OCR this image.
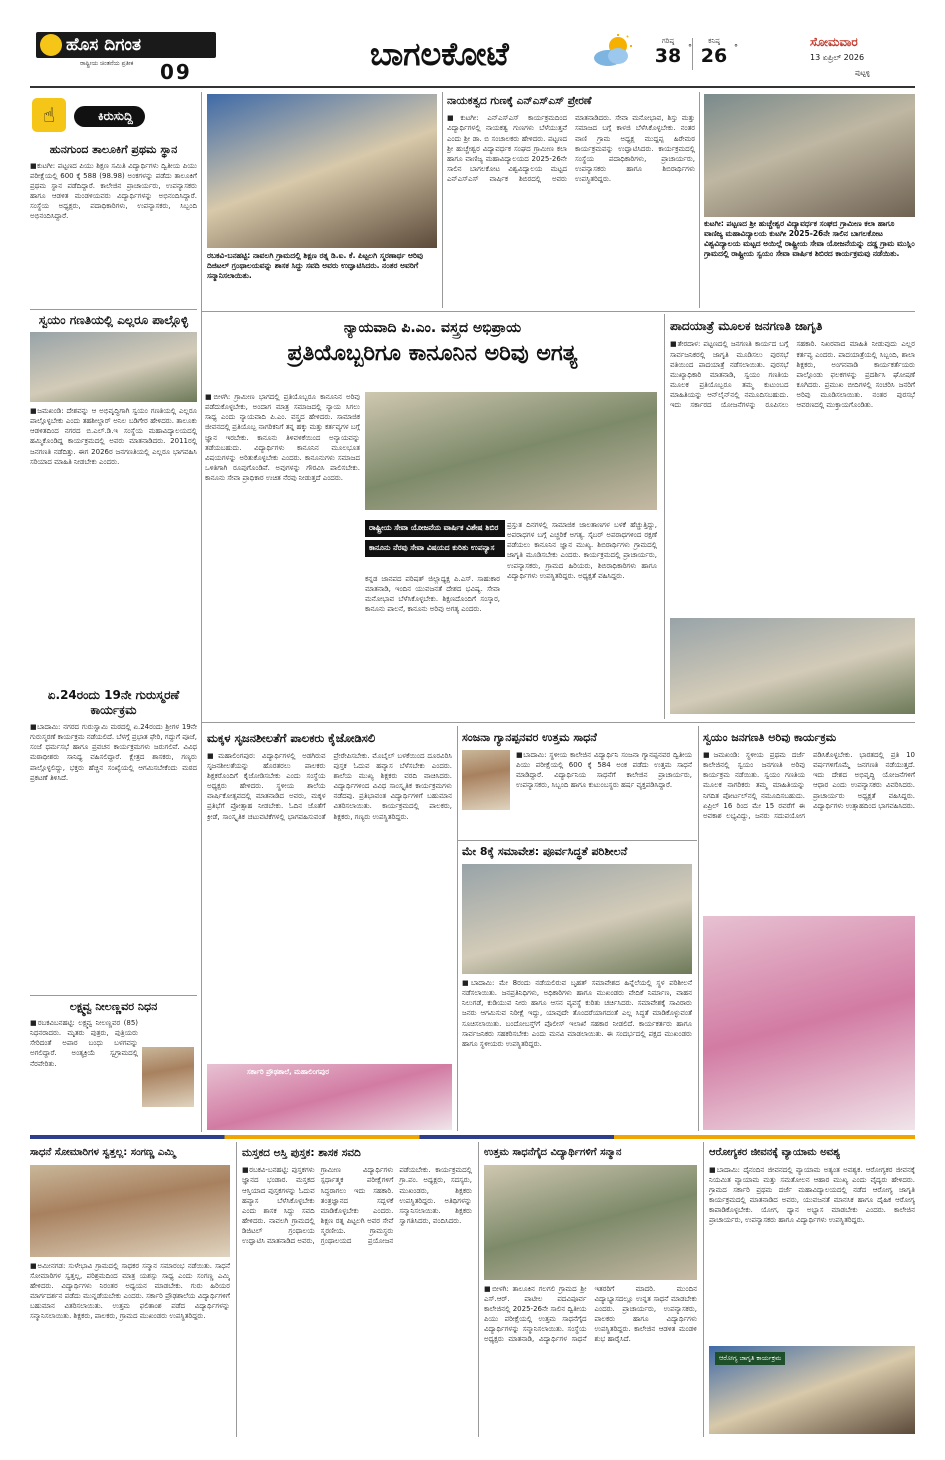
ಹೊಸ ದಿಗಂತ
ರಾಷ್ಟ್ರೀಯ ಚಿಂತನೆಯ ಪ್ರತೀಕ 09	ಬಾಗಲಕೋಟೆ	ಗರಿಷ್ಠ
38 °
ಕನಿಷ್ಠ
26 °	ಸೋಮವಾರ
13 ಏಪ್ರಿಲ್ 2026
ಪುಟ್ಟಳ್ಳಿ
☝	ಕಿರುಸುದ್ದಿ
ಹುನಗುಂದ ತಾಲೂಕಿಗೆ ಪ್ರಥಮ ಸ್ಥಾನ

■ಕುಟಗೀ: ಪಟ್ಟಣದ ಪಿಯು ಶಿಕ್ಷಣ ಸಮಿತಿ ವಿದ್ಯಾರ್ಥಿಗಳು ದ್ವಿತೀಯ ಪಿಯು ಪರೀಕ್ಷೆಯಲ್ಲಿ 600 ಕ್ಕೆ 588 (98.98) ಅಂಕಗಳನ್ನು ಪಡೆದು ತಾಲೂಕಿಗೆ ಪ್ರಥಮ ಸ್ಥಾನ ಪಡೆದಿದ್ದಾರೆ. ಕಾಲೇಜಿನ ಪ್ರಾಚಾರ್ಯರು, ಉಪನ್ಯಾಸಕರು ಹಾಗೂ ಆಡಳಿತ ಮಂಡಳಿಯವರು ವಿದ್ಯಾರ್ಥಿಗಳನ್ನು ಅಭಿನಂದಿಸಿದ್ದಾರೆ. ಸಂಸ್ಥೆಯ ಅಧ್ಯಕ್ಷರು, ಪದಾಧಿಕಾರಿಗಳು, ಉಪನ್ಯಾಸಕರು, ಸಿಬ್ಬಂದಿ ಅಭಿನಂದಿಸಿದ್ದಾರೆ.

ಸ್ವಯಂ ಗಣತಿಯಲ್ಲಿ ಎಲ್ಲರೂ ಪಾಲ್ಗೊಳ್ಳಿ

■ಜಮಖಂಡಿ: ದೇಶವನ್ನು ಆ ಅಭಿವೃದ್ಧಿಗಾಗಿ ಸ್ವಯಂ ಗಣತಿಯಲ್ಲಿ ಎಲ್ಲರೂ ಪಾಲ್ಗೊಳ್ಳಬೇಕು ಎಂದು ತಹಶೀಲ್ದಾರ್ ಅನಿಲ ಬಡಿಗೇರ ಹೇಳಿದರು. ತಾಲೂಕು ಆಡಳಿತದಿಂದ ನಗರದ ಬಿ.ಎಲ್.ಡಿ.ಇ ಸಂಸ್ಥೆಯ ಮಹಾವಿದ್ಯಾಲಯದಲ್ಲಿ ಹಮ್ಮಿಕೊಂಡಿದ್ದ ಕಾರ್ಯಕ್ರಮದಲ್ಲಿ ಅವರು ಮಾತನಾಡಿದರು. 2011ರಲ್ಲಿ ಜನಗಣತಿ ನಡೆದಿತ್ತು. ಈಗ 2026ರ ಜನಗಣತಿಯಲ್ಲಿ ಎಲ್ಲರೂ ಭಾಗವಹಿಸಿ ಸರಿಯಾದ ಮಾಹಿತಿ ನೀಡಬೇಕು ಎಂದರು.

ಏ.24ರಂದು 19ನೇ ಗುರುಸ್ಮರಣೆ ಕಾರ್ಯಕ್ರಮ

■ಬಾದಾಮಿ: ನಗರದ ಗುರುಸ್ವಾಮಿ ಮಠದಲ್ಲಿ ಏ.24ರಂದು ಶ್ರೀಗಳ 19ನೇ ಗುರುಸ್ಮರಣೆ ಕಾರ್ಯಕ್ರಮ ನಡೆಯಲಿದೆ. ಬೆಳಗ್ಗೆ ಪ್ರಭಾತ ಫೇರಿ, ಗದ್ದುಗೆ ಪೂಜೆ, ಸಂಜೆ ಧರ್ಮಸಭೆ ಹಾಗೂ ಪ್ರವಚನ ಕಾರ್ಯಕ್ರಮಗಳು ಜರುಗಲಿವೆ. ವಿವಿಧ ಮಠಾಧೀಶರು ಸಾನಿಧ್ಯ ವಹಿಸಲಿದ್ದಾರೆ. ಕ್ಷೇತ್ರದ ಶಾಸಕರು, ಗಣ್ಯರು ಪಾಲ್ಗೊಳ್ಳಲಿದ್ದು, ಭಕ್ತರು ಹೆಚ್ಚಿನ ಸಂಖ್ಯೆಯಲ್ಲಿ ಆಗಮಿಸಬೇಕೆಂದು ಮಠದ ಪ್ರಕಟಣೆ ತಿಳಿಸಿದೆ.

ಲಕ್ಷ್ಮವ್ವ ನೀಲಣ್ಣವರ ನಿಧನ

■ರಬಕವಿಬನಹಟ್ಟಿ: ಲಕ್ಷ್ಮವ್ವ ನೀಲಣ್ಣವರ (85) ನಿಧನರಾದರು. ಮೃತರು ಪುತ್ರರು, ಪುತ್ರಿಯರು ಸೇರಿದಂತೆ ಅಪಾರ ಬಂಧು ಬಳಗವನ್ನು ಅಗಲಿದ್ದಾರೆ. ಅಂತ್ಯಕ್ರಿಯೆ ಸ್ವಗ್ರಾಮದಲ್ಲಿ ನೆರವೇರಿತು.

ರಬಕವಿ-ಬನಹಟ್ಟಿ: ನಾವಲಗಿ ಗ್ರಾಮದಲ್ಲಿ ಶಿಕ್ಷಣ ರತ್ನ ಡಿ.ಐ. ಕೆ. ಪಿಟ್ಟಲಗಿ ಸ್ಮರಣಾರ್ಥ ಆರಿವು ದಿಜಿಟಲ್ ಗ್ರಂಥಾಲಯವನ್ನು ಶಾಸಕ ಸಿದ್ದು ಸವದಿ ಅವರು ಉದ್ಘಾಟಿಸಿದರು. ನಂತರ ಅವರಿಗೆ ಸನ್ಮಾನಿಸಲಾಯಿತು.
ನಾಯಕತ್ವದ ಗುಣಕ್ಕೆ ಎನ್‌ಎಸ್‌ಎಸ್ ಪ್ರೇರಣೆ

■ಕುಟಗೀ: ಎನ್‌ಎಸ್‌ಎಸ್ ಕಾರ್ಯಕ್ರಮದಿಂದ ವಿದ್ಯಾರ್ಥಿಗಳಲ್ಲಿ ನಾಯಕತ್ವ ಗುಣಗಳು ಬೆಳೆಯುತ್ತವೆ ಎಂದು ಶ್ರೀ ಡಾ. ಬಿ ಸಂಚಾಲಕರು ಹೇಳಿದರು. ಪಟ್ಟಣದ ಶ್ರೀ ಹುಚ್ಚೇಶ್ವರ ವಿದ್ಯಾವರ್ಧಕ ಸಂಘದ ಗ್ರಾಮೀಣ ಕಲಾ ಹಾಗೂ ವಾಣಿಜ್ಯ ಮಹಾವಿದ್ಯಾಲಯದ 2025-26ನೇ ಸಾಲಿನ ಬಾಗಲಕೋಟ ವಿಶ್ವವಿದ್ಯಾಲಯ ಮಟ್ಟದ ಎನ್‌ಎಸ್‌ಎಸ್ ವಾರ್ಷಿಕ ಶಿಬಿರದಲ್ಲಿ ಅವರು ಮಾತನಾಡಿದರು. ಸೇವಾ ಮನೋಭಾವ, ಶಿಸ್ತು ಮತ್ತು ಸಮಾಜದ ಬಗ್ಗೆ ಕಾಳಜಿ ಬೆಳೆಸಿಕೊಳ್ಳಬೇಕು. ನಂತರ ವಾಣಿ ಗ್ರಾಮ ಅಧ್ಯಕ್ಷ ಮುದ್ದಪ್ಪ ಹಿರೇಮಠ ಕಾರ್ಯಕ್ರಮವನ್ನು ಉದ್ಘಾಟಿಸಿದರು. ಕಾರ್ಯಕ್ರಮದಲ್ಲಿ ಸಂಸ್ಥೆಯ ಪದಾಧಿಕಾರಿಗಳು, ಪ್ರಾಚಾರ್ಯರು, ಉಪನ್ಯಾಸಕರು ಹಾಗೂ ಶಿಬಿರಾರ್ಥಿಗಳು ಉಪಸ್ಥಿತರಿದ್ದರು.

ಕುಟಗೀ: ಪಟ್ಟಣದ ಶ್ರೀ ಹುಚ್ಚೇಶ್ವರ ವಿದ್ಯಾವರ್ಧಕ ಸಂಘದ ಗ್ರಾಮೀಣ ಕಲಾ ಹಾಗೂ ವಾಣಿಜ್ಯ ಮಹಾವಿದ್ಯಾಲಯ ಕುಟಗೀ 2025-26ನೇ ಸಾಲಿನ ಬಾಗಲಕೋಟ ವಿಶ್ವವಿದ್ಯಾಲಯ ಮಟ್ಟದ ಅಯಿಲ್ಲೆ ರಾಷ್ಟ್ರೀಯ ಸೇವಾ ಯೋಜನೆಯನ್ನು ದಡ್ಡ ಗ್ರಾಮ ಮುಸ್ಲಿಂ ಗ್ರಾಮದಲ್ಲಿ ರಾಷ್ಟ್ರೀಯ ಸ್ವಯಂ ಸೇವಾ ವಾರ್ಷಿಕ ಶಿಬಿರದ ಕಾರ್ಯಕ್ರಮವು ನಡೆಯಿತು.
ನ್ಯಾಯವಾದಿ ಪಿ.ಎಂ. ವಸ್ತ್ರದ ಅಭಿಪ್ರಾಯ
ಪ್ರತಿಯೊಬ್ಬರಿಗೂ ಕಾನೂನಿನ ಅರಿವು ಅಗತ್ಯ

■ಬೀಳಗಿ: ಗ್ರಾಮೀಣ ಭಾಗದಲ್ಲಿ ಪ್ರತಿಯೊಬ್ಬರೂ ಕಾನೂನಿನ ಅರಿವು ಪಡೆದುಕೊಳ್ಳಬೇಕು, ಅಂದಾಗ ಮಾತ್ರ ಸಮಾಜದಲ್ಲಿ ನ್ಯಾಯ ಸಿಗಲು ಸಾಧ್ಯ ಎಂದು ನ್ಯಾಯವಾದಿ ಪಿ.ಎಂ. ವಸ್ತ್ರದ ಹೇಳಿದರು. ಸಾಮಾಜಿಕ ಜೀವನದಲ್ಲಿ ಪ್ರತಿಯೊಬ್ಬ ನಾಗರಿಕನಿಗೆ ತನ್ನ ಹಕ್ಕು ಮತ್ತು ಕರ್ತವ್ಯಗಳ ಬಗ್ಗೆ ಜ್ಞಾನ ಇರಬೇಕು. ಕಾನೂನು ತಿಳಿವಳಿಕೆಯಿಂದ ಅನ್ಯಾಯವನ್ನು ತಡೆಯಬಹುದು. ವಿದ್ಯಾರ್ಥಿಗಳು ಕಾನೂನಿನ ಮೂಲಭೂತ ವಿಷಯಗಳನ್ನು ಅರಿತುಕೊಳ್ಳಬೇಕು ಎಂದರು. ಕಾನೂನುಗಳು ಸಮಾಜದ ಒಳಿತಿಗಾಗಿ ರೂಪುಗೊಂಡಿವೆ. ಅವುಗಳನ್ನು ಗೌರವಿಸಿ ಪಾಲಿಸಬೇಕು. ಕಾನೂನು ಸೇವಾ ಪ್ರಾಧಿಕಾರ ಉಚಿತ ನೆರವು ನೀಡುತ್ತದೆ ಎಂದರು.

ರಾಷ್ಟ್ರೀಯ ಸೇವಾ ಯೋಜನೆಯ ವಾರ್ಷಿಕ ವಿಶೇಷ ಶಿಬಿರ
ಕಾನೂನು ನೆರವು ಸೇವಾ ವಿಷಯದ ಕುರಿತು ಉಪನ್ಯಾಸ

ಕನ್ನಡ ಜಾನಪದ ಪರಿಷತ್ ಜಿಲ್ಲಾಧ್ಯಕ್ಷ ಪಿ.ಎಸ್. ಸಾಹುಕಾರ ಮಾತನಾಡಿ, ಇಂದಿನ ಯುವಜನತೆ ದೇಶದ ಭವಿಷ್ಯ. ಸೇವಾ ಮನೋಭಾವ ಬೆಳೆಸಿಕೊಳ್ಳಬೇಕು. ಶಿಕ್ಷಣದೊಂದಿಗೆ ಸಂಸ್ಕಾರ, ಕಾನೂನು ಪಾಲನೆ, ಕಾನೂನು ಅರಿವು ಅಗತ್ಯ ಎಂದರು.

ಪ್ರಸ್ತುತ ದಿನಗಳಲ್ಲಿ ಸಾಮಾಜಿಕ ಜಾಲತಾಣಗಳ ಬಳಕೆ ಹೆಚ್ಚುತ್ತಿದ್ದು, ಅಪರಾಧಗಳ ಬಗ್ಗೆ ಎಚ್ಚರಿಕೆ ಅಗತ್ಯ. ಸೈಬರ್ ಅಪರಾಧಗಳಿಂದ ರಕ್ಷಣೆ ಪಡೆಯಲು ಕಾನೂನಿನ ಜ್ಞಾನ ಮುಖ್ಯ. ಶಿಬಿರಾರ್ಥಿಗಳು ಗ್ರಾಮದಲ್ಲಿ ಜಾಗೃತಿ ಮೂಡಿಸಬೇಕು ಎಂದರು. ಕಾರ್ಯಕ್ರಮದಲ್ಲಿ ಪ್ರಾಚಾರ್ಯರು, ಉಪನ್ಯಾಸಕರು, ಗ್ರಾಮದ ಹಿರಿಯರು, ಶಿಬಿರಾಧಿಕಾರಿಗಳು ಹಾಗೂ ವಿದ್ಯಾರ್ಥಿಗಳು ಉಪಸ್ಥಿತರಿದ್ದರು. ಅಧ್ಯಕ್ಷತೆ ವಹಿಸಿದ್ದರು.

ಪಾದಯಾತ್ರೆ ಮೂಲಕ ಜನಗಣತಿ ಜಾಗೃತಿ

■ತೇರದಾಳ: ಪಟ್ಟಣದಲ್ಲಿ ಜನಗಣತಿ ಕಾರ್ಯದ ಬಗ್ಗೆ ಸಾರ್ವಜನಿಕರಲ್ಲಿ ಜಾಗೃತಿ ಮೂಡಿಸಲು ಪುರಸಭೆ ವತಿಯಿಂದ ಪಾದಯಾತ್ರೆ ನಡೆಸಲಾಯಿತು. ಪುರಸಭೆ ಮುಖ್ಯಾಧಿಕಾರಿ ಮಾತನಾಡಿ, ಸ್ವಯಂ ಗಣತಿಯ ಮೂಲಕ ಪ್ರತಿಯೊಬ್ಬರೂ ತಮ್ಮ ಕುಟುಂಬದ ಮಾಹಿತಿಯನ್ನು ಆನ್‌ಲೈನ್‌ನಲ್ಲಿ ನಮೂದಿಸಬಹುದು. ಇದು ಸರ್ಕಾರದ ಯೋಜನೆಗಳನ್ನು ರೂಪಿಸಲು ಸಹಕಾರಿ. ನಿಖರವಾದ ಮಾಹಿತಿ ನೀಡುವುದು ಎಲ್ಲರ ಕರ್ತವ್ಯ ಎಂದರು. ಪಾದಯಾತ್ರೆಯಲ್ಲಿ ಸಿಬ್ಬಂದಿ, ಶಾಲಾ ಶಿಕ್ಷಕರು, ಅಂಗನವಾಡಿ ಕಾರ್ಯಕರ್ತೆಯರು ಪಾಲ್ಗೊಂಡು ಫಲಕಗಳನ್ನು ಪ್ರದರ್ಶಿಸಿ ಘೋಷಣೆ ಕೂಗಿದರು. ಪ್ರಮುಖ ಬೀದಿಗಳಲ್ಲಿ ಸಂಚರಿಸಿ ಜನರಿಗೆ ಅರಿವು ಮೂಡಿಸಲಾಯಿತು. ನಂತರ ಪುರಸಭೆ ಆವರಣದಲ್ಲಿ ಮುಕ್ತಾಯಗೊಂಡಿತು.

ಮಕ್ಕಳ ಸೃಜನಶೀಲತೆಗೆ ಪಾಲಕರು ಕೈಜೋಡಿಸಲಿ

■ಮಹಾಲಿಂಗಪುರ: ವಿದ್ಯಾರ್ಥಿಗಳಲ್ಲಿ ಅಡಗಿರುವ ಸೃಜನಶೀಲತೆಯನ್ನು ಹೊರತರಲು ಪಾಲಕರು ಶಿಕ್ಷಕರೊಂದಿಗೆ ಕೈಜೋಡಿಸಬೇಕು ಎಂದು ಸಂಸ್ಥೆಯ ಅಧ್ಯಕ್ಷರು ಹೇಳಿದರು. ಸ್ಥಳೀಯ ಶಾಲೆಯ ವಾರ್ಷಿಕೋತ್ಸವದಲ್ಲಿ ಮಾತನಾಡಿದ ಅವರು, ಮಕ್ಕಳ ಪ್ರತಿಭೆಗೆ ಪ್ರೋತ್ಸಾಹ ನೀಡಬೇಕು. ಓದಿನ ಜೊತೆಗೆ ಕ್ರೀಡೆ, ಸಾಂಸ್ಕೃತಿಕ ಚಟುವಟಿಕೆಗಳಲ್ಲಿ ಭಾಗವಹಿಸುವಂತೆ ಪ್ರೇರೇಪಿಸಬೇಕು. ಮೊಬೈಲ್ ಬಳಕೆಯಿಂದ ದೂರವಿರಿಸಿ ಪುಸ್ತಕ ಓದುವ ಹವ್ಯಾಸ ಬೆಳೆಸಬೇಕು ಎಂದರು. ಶಾಲೆಯ ಮುಖ್ಯ ಶಿಕ್ಷಕರು ವರದಿ ವಾಚಿಸಿದರು. ವಿದ್ಯಾರ್ಥಿಗಳಿಂದ ವಿವಿಧ ಸಾಂಸ್ಕೃತಿಕ ಕಾರ್ಯಕ್ರಮಗಳು ನಡೆದವು. ಪ್ರತಿಭಾವಂತ ವಿದ್ಯಾರ್ಥಿಗಳಿಗೆ ಬಹುಮಾನ ವಿತರಿಸಲಾಯಿತು. ಕಾರ್ಯಕ್ರಮದಲ್ಲಿ ಪಾಲಕರು, ಶಿಕ್ಷಕರು, ಗಣ್ಯರು ಉಪಸ್ಥಿತರಿದ್ದರು.

ಸರ್ಕಾರಿ ಪ್ರೌಢಶಾಲೆ, ಮಹಾಲಿಂಗಪುರ
ಸಂಜನಾ ಗ್ಯಾನಪ್ಪನವರ ಉತ್ತಮ ಸಾಧನೆ

■ಬಾದಾಮಿ: ಸ್ಥಳೀಯ ಕಾಲೇಜಿನ ವಿದ್ಯಾರ್ಥಿನಿ ಸಂಜನಾ ಗ್ಯಾನಪ್ಪನವರ ದ್ವಿತೀಯ ಪಿಯು ಪರೀಕ್ಷೆಯಲ್ಲಿ 600 ಕ್ಕೆ 584 ಅಂಕ ಪಡೆದು ಉತ್ತಮ ಸಾಧನೆ ಮಾಡಿದ್ದಾರೆ. ವಿದ್ಯಾರ್ಥಿನಿಯ ಸಾಧನೆಗೆ ಕಾಲೇಜಿನ ಪ್ರಾಚಾರ್ಯರು, ಉಪನ್ಯಾಸಕರು, ಸಿಬ್ಬಂದಿ ಹಾಗೂ ಕುಟುಂಬಸ್ಥರು ಹರ್ಷ ವ್ಯಕ್ತಪಡಿಸಿದ್ದಾರೆ.

ಮೇ 8ಕ್ಕೆ ಸಮಾವೇಶ: ಪೂರ್ವಸಿದ್ಧತೆ ಪರಿಶೀಲನೆ

■ಬಾದಾಮಿ: ಮೇ 8ರಂದು ನಡೆಯಲಿರುವ ಬೃಹತ್ ಸಮಾವೇಶದ ಹಿನ್ನೆಲೆಯಲ್ಲಿ ಸ್ಥಳ ಪರಿಶೀಲನೆ ನಡೆಸಲಾಯಿತು. ಜನಪ್ರತಿನಿಧಿಗಳು, ಅಧಿಕಾರಿಗಳು ಹಾಗೂ ಮುಖಂಡರು ವೇದಿಕೆ ನಿರ್ಮಾಣ, ವಾಹನ ನಿಲುಗಡೆ, ಕುಡಿಯುವ ನೀರು ಹಾಗೂ ಆಸನ ವ್ಯವಸ್ಥೆ ಕುರಿತು ಚರ್ಚಿಸಿದರು. ಸಮಾವೇಶಕ್ಕೆ ಸಾವಿರಾರು ಜನರು ಆಗಮಿಸುವ ನಿರೀಕ್ಷೆ ಇದ್ದು, ಯಾವುದೇ ತೊಂದರೆಯಾಗದಂತೆ ಎಲ್ಲ ಸಿದ್ಧತೆ ಮಾಡಿಕೊಳ್ಳುವಂತೆ ಸೂಚಿಸಲಾಯಿತು. ಬಂದೋಬಸ್ತ್‌ಗೆ ಪೊಲೀಸ್ ಇಲಾಖೆ ಸಹಕಾರ ನೀಡಲಿದೆ. ಕಾರ್ಯಕರ್ತರು ಹಾಗೂ ಸಾರ್ವಜನಿಕರು ಸಹಕರಿಸಬೇಕು ಎಂದು ಮನವಿ ಮಾಡಲಾಯಿತು. ಈ ಸಂದರ್ಭದಲ್ಲಿ ಪಕ್ಷದ ಮುಖಂಡರು ಹಾಗೂ ಸ್ಥಳೀಯರು ಉಪಸ್ಥಿತರಿದ್ದರು.

ಸ್ವಯಂ ಜನಗಣತಿ ಅರಿವು ಕಾರ್ಯಕ್ರಮ

■ಜಮಖಂಡಿ: ಸ್ಥಳೀಯ ಪ್ರಥಮ ದರ್ಜೆ ಕಾಲೇಜಿನಲ್ಲಿ ಸ್ವಯಂ ಜನಗಣತಿ ಅರಿವು ಕಾರ್ಯಕ್ರಮ ನಡೆಯಿತು. ಸ್ವಯಂ ಗಣತಿಯ ಮೂಲಕ ನಾಗರಿಕರು ತಮ್ಮ ಮಾಹಿತಿಯನ್ನು ನಿಗದಿತ ಪೋರ್ಟಲ್‌ನಲ್ಲಿ ನಮೂದಿಸಬಹುದು. ಏಪ್ರಿಲ್ 16 ರಿಂದ ಮೇ 15 ರವರೆಗೆ ಈ ಅವಕಾಶ ಲಭ್ಯವಿದ್ದು, ಜನರು ಸದುಪಯೋಗ ಪಡಿಸಿಕೊಳ್ಳಬೇಕು. ಭಾರತದಲ್ಲಿ ಪ್ರತಿ 10 ವರ್ಷಗಳಿಗೊಮ್ಮೆ ಜನಗಣತಿ ನಡೆಯುತ್ತದೆ. ಇದು ದೇಶದ ಅಭಿವೃದ್ಧಿ ಯೋಜನೆಗಳಿಗೆ ಆಧಾರ ಎಂದು ಉಪನ್ಯಾಸಕರು ವಿವರಿಸಿದರು. ಪ್ರಾಚಾರ್ಯರು ಅಧ್ಯಕ್ಷತೆ ವಹಿಸಿದ್ದರು. ವಿದ್ಯಾರ್ಥಿಗಳು ಉತ್ಸಾಹದಿಂದ ಭಾಗವಹಿಸಿದರು.

ಸಾಧನೆ ಸೋಮಾರಿಗಳ ಸ್ವತ್ತಲ್ಲ: ಸಂಗಣ್ಣ ಎಮ್ಮಿ

■ಅಮೀನಗಡ: ಸುಳೇಭಾವಿ ಗ್ರಾಮದಲ್ಲಿ ಸಾಧಕರ ಸನ್ಮಾನ ಸಮಾರಂಭ ನಡೆಯಿತು. ಸಾಧನೆ ಸೋಮಾರಿಗಳ ಸ್ವತ್ತಲ್ಲ, ಪರಿಶ್ರಮದಿಂದ ಮಾತ್ರ ಯಶಸ್ಸು ಸಾಧ್ಯ ಎಂದು ಸಂಗಣ್ಣ ಎಮ್ಮಿ ಹೇಳಿದರು. ವಿದ್ಯಾರ್ಥಿಗಳು ನಿರಂತರ ಅಧ್ಯಯನ ಮಾಡಬೇಕು. ಗುರು ಹಿರಿಯರ ಮಾರ್ಗದರ್ಶನ ಪಡೆದು ಮುನ್ನಡೆಯಬೇಕು ಎಂದರು. ಸರ್ಕಾರಿ ಪ್ರೌಢಶಾಲೆಯ ವಿದ್ಯಾರ್ಥಿಗಳಿಗೆ ಬಹುಮಾನ ವಿತರಿಸಲಾಯಿತು. ಉತ್ತಮ ಫಲಿತಾಂಶ ಪಡೆದ ವಿದ್ಯಾರ್ಥಿಗಳನ್ನು ಸನ್ಮಾನಿಸಲಾಯಿತು. ಶಿಕ್ಷಕರು, ಪಾಲಕರು, ಗ್ರಾಮದ ಮುಖಂಡರು ಉಪಸ್ಥಿತರಿದ್ದರು.

ಮಸ್ತಕದ ಅಸ್ತಿ ಪುಸ್ತಕ: ಶಾಸಕ ಸವದಿ

■ರಬಕವಿ-ಬನಹಟ್ಟಿ: ಪುಸ್ತಕಗಳು ಜ್ಞಾನದ ಭಂಡಾರ. ಮಸ್ತಕದ ಆಸ್ತಿಯಾದ ಪುಸ್ತಕಗಳನ್ನು ಓದುವ ಹವ್ಯಾಸ ಬೆಳೆಸಿಕೊಳ್ಳಬೇಕು ಎಂದು ಶಾಸಕ ಸಿದ್ದು ಸವದಿ ಹೇಳಿದರು. ನಾವಲಗಿ ಗ್ರಾಮದಲ್ಲಿ ಡಿಜಿಟಲ್ ಗ್ರಂಥಾಲಯ ಉದ್ಘಾಟಿಸಿ ಮಾತನಾಡಿದ ಅವರು, ಗ್ರಾಮೀಣ ವಿದ್ಯಾರ್ಥಿಗಳು ಸ್ಪರ್ಧಾತ್ಮಕ ಪರೀಕ್ಷೆಗಳಿಗೆ ಸಿದ್ಧರಾಗಲು ಇದು ಸಹಕಾರಿ. ತಂತ್ರಜ್ಞಾನದ ಸದ್ಬಳಕೆ ಮಾಡಿಕೊಳ್ಳಬೇಕು ಎಂದರು. ಶಿಕ್ಷಣ ರತ್ನ ಪಿಟ್ಟಲಗಿ ಅವರ ಸೇವೆ ಸ್ಮರಣೀಯ. ಗ್ರಾಮಸ್ಥರು ಗ್ರಂಥಾಲಯದ ಪ್ರಯೋಜನ ಪಡೆಯಬೇಕು. ಕಾರ್ಯಕ್ರಮದಲ್ಲಿ ಗ್ರಾ.ಪಂ. ಅಧ್ಯಕ್ಷರು, ಸದಸ್ಯರು, ಮುಖಂಡರು, ಶಿಕ್ಷಕರು ಉಪಸ್ಥಿತರಿದ್ದರು. ಅತಿಥಿಗಳನ್ನು ಸನ್ಮಾನಿಸಲಾಯಿತು. ಶಿಕ್ಷಕರು ಸ್ವಾಗತಿಸಿದರು, ವಂದಿಸಿದರು.

ಉತ್ತಮ ಸಾಧನೆಗೈದ ವಿದ್ಯಾರ್ಥಿಗಳಿಗೆ ಸನ್ಮಾನ

■ಬೀಳಗಿ: ತಾಲೂಕಿನ ಗಲಗಲಿ ಗ್ರಾಮದ ಶ್ರೀ ಎಸ್.ಆರ್. ಪಾಟೀಲ ಪದವಿಪೂರ್ವ ಕಾಲೇಜಿನಲ್ಲಿ 2025-26ನೇ ಸಾಲಿನ ದ್ವಿತೀಯ ಪಿಯು ಪರೀಕ್ಷೆಯಲ್ಲಿ ಉತ್ತಮ ಸಾಧನೆಗೈದ ವಿದ್ಯಾರ್ಥಿಗಳನ್ನು ಸನ್ಮಾನಿಸಲಾಯಿತು. ಸಂಸ್ಥೆಯ ಅಧ್ಯಕ್ಷರು ಮಾತನಾಡಿ, ವಿದ್ಯಾರ್ಥಿಗಳ ಸಾಧನೆ ಇತರರಿಗೆ ಮಾದರಿ. ಮುಂದಿನ ವಿದ್ಯಾಭ್ಯಾಸದಲ್ಲೂ ಉನ್ನತ ಸಾಧನೆ ಮಾಡಬೇಕು ಎಂದರು. ಪ್ರಾಚಾರ್ಯರು, ಉಪನ್ಯಾಸಕರು, ಪಾಲಕರು ಹಾಗೂ ವಿದ್ಯಾರ್ಥಿಗಳು ಉಪಸ್ಥಿತರಿದ್ದರು. ಕಾಲೇಜಿನ ಆಡಳಿತ ಮಂಡಳಿ ಶುಭ ಹಾರೈಸಿದೆ.

ಆರೋಗ್ಯಕರ ಜೀವನಕ್ಕೆ ವ್ಯಾಯಾಮ ಅವಶ್ಯ

■ಬಾದಾಮಿ: ದೈನಂದಿನ ಜೀವನದಲ್ಲಿ ವ್ಯಾಯಾಮ ಅತ್ಯಂತ ಅವಶ್ಯಕ. ಆರೋಗ್ಯಕರ ಜೀವನಕ್ಕೆ ನಿಯಮಿತ ವ್ಯಾಯಾಮ ಮತ್ತು ಸಮತೋಲನ ಆಹಾರ ಮುಖ್ಯ ಎಂದು ವೈದ್ಯರು ಹೇಳಿದರು. ಗ್ರಾಮದ ಸರ್ಕಾರಿ ಪ್ರಥಮ ದರ್ಜೆ ಮಹಾವಿದ್ಯಾಲಯದಲ್ಲಿ ನಡೆದ ಆರೋಗ್ಯ ಜಾಗೃತಿ ಕಾರ್ಯಕ್ರಮದಲ್ಲಿ ಮಾತನಾಡಿದ ಅವರು, ಯುವಜನತೆ ಮಾನಸಿಕ ಹಾಗೂ ದೈಹಿಕ ಆರೋಗ್ಯ ಕಾಪಾಡಿಕೊಳ್ಳಬೇಕು. ಯೋಗ, ಧ್ಯಾನ ಅಭ್ಯಾಸ ಮಾಡಬೇಕು ಎಂದರು. ಕಾಲೇಜಿನ ಪ್ರಾಚಾರ್ಯರು, ಉಪನ್ಯಾಸಕರು ಹಾಗೂ ವಿದ್ಯಾರ್ಥಿಗಳು ಉಪಸ್ಥಿತರಿದ್ದರು.

ಆರೋಗ್ಯ ಜಾಗೃತಿ ಕಾರ್ಯಕ್ರಮ
